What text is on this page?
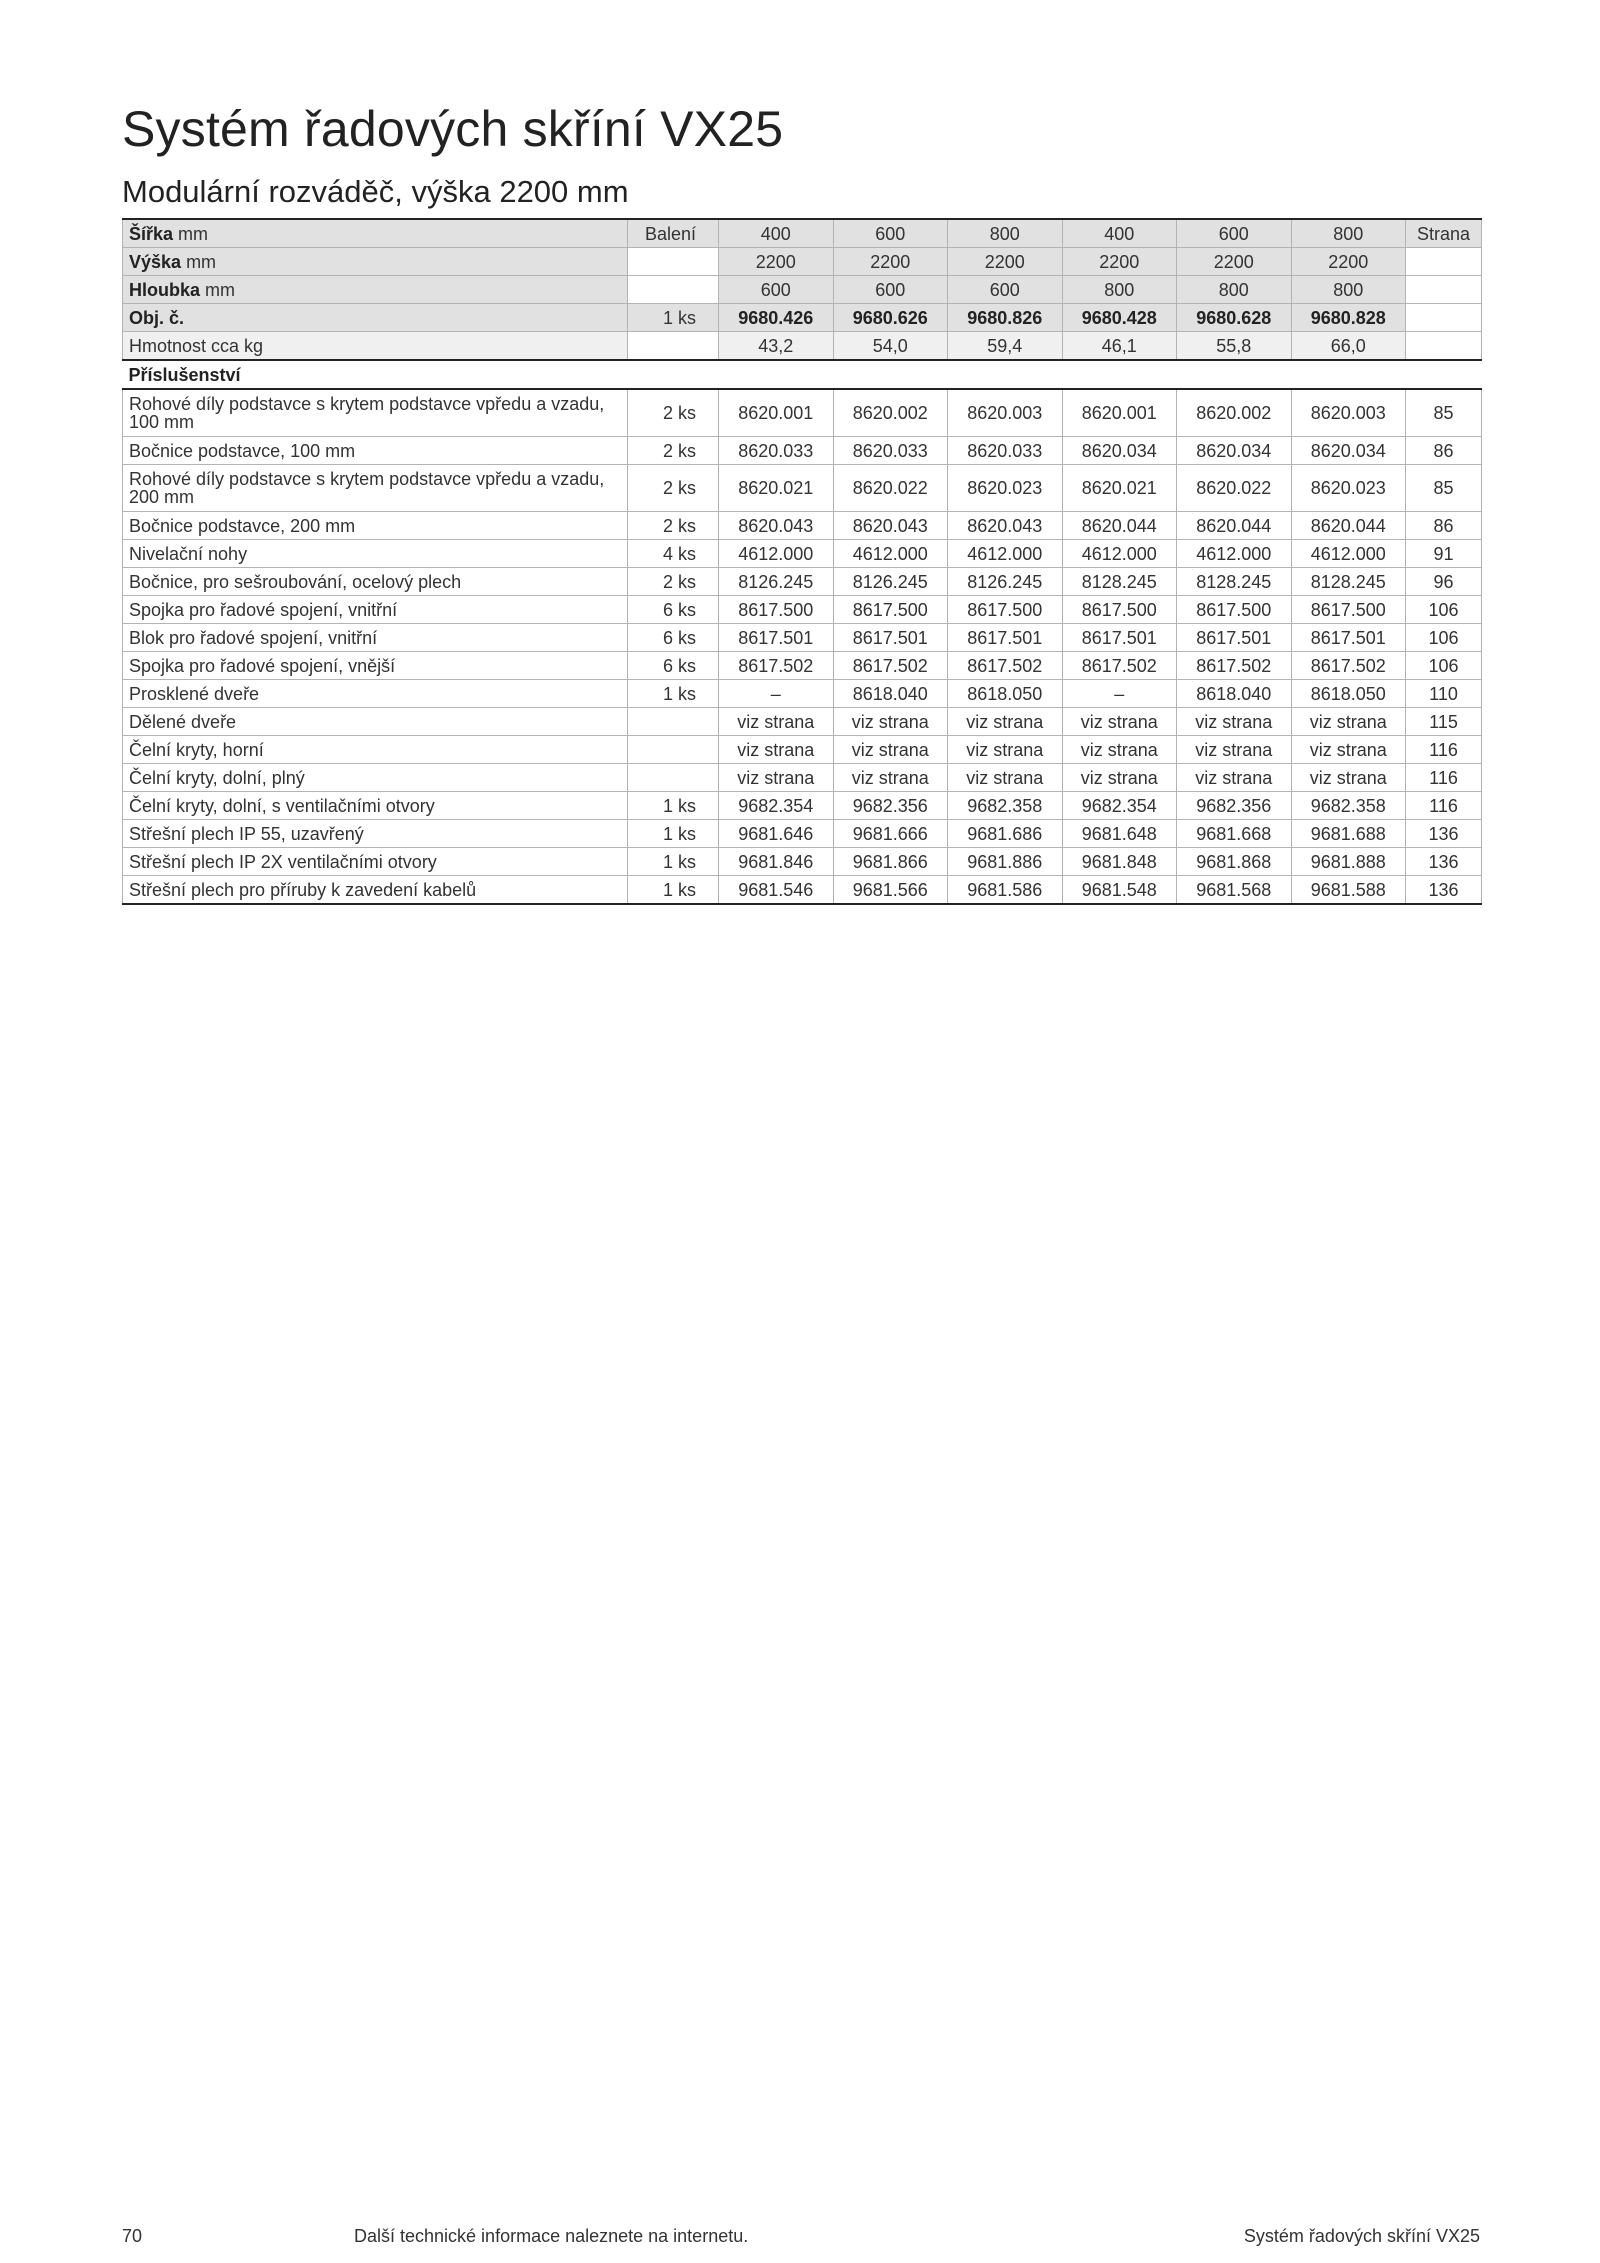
Systém řadových skříní VX25
Modulární rozváděč, výška 2200 mm
Šířka mm	Balení	400	600	800	400	600	800	Strana
Výška mm		2200	2200	2200	2200	2200	2200	
Hloubka mm		600	600	600	800	800	800	
Obj. č.	1 ks	9680.426	9680.626	9680.826	9680.428	9680.628	9680.828	
Hmotnost cca kg		43,2	54,0	59,4	46,1	55,8	66,0	
Příslušenství								
Rohové díly podstavce s krytem podstavce vpředu a vzadu, 100 mm	2 ks	8620.001	8620.002	8620.003	8620.001	8620.002	8620.003	85
Bočnice podstavce, 100 mm	2 ks	8620.033	8620.033	8620.033	8620.034	8620.034	8620.034	86
Rohové díly podstavce s krytem podstavce vpředu a vzadu, 200 mm	2 ks	8620.021	8620.022	8620.023	8620.021	8620.022	8620.023	85
Bočnice podstavce, 200 mm	2 ks	8620.043	8620.043	8620.043	8620.044	8620.044	8620.044	86
Nivelační nohy	4 ks	4612.000	4612.000	4612.000	4612.000	4612.000	4612.000	91
Bočnice, pro sešroubování, ocelový plech	2 ks	8126.245	8126.245	8126.245	8128.245	8128.245	8128.245	96
Spojka pro řadové spojení, vnitřní	6 ks	8617.500	8617.500	8617.500	8617.500	8617.500	8617.500	106
Blok pro řadové spojení, vnitřní	6 ks	8617.501	8617.501	8617.501	8617.501	8617.501	8617.501	106
Spojka pro řadové spojení, vnější	6 ks	8617.502	8617.502	8617.502	8617.502	8617.502	8617.502	106
Prosklené dveře	1 ks	–	8618.040	8618.050	–	8618.040	8618.050	110
Dělené dveře		viz strana	viz strana	viz strana	viz strana	viz strana	viz strana	115
Čelní kryty, horní		viz strana	viz strana	viz strana	viz strana	viz strana	viz strana	116
Čelní kryty, dolní, plný		viz strana	viz strana	viz strana	viz strana	viz strana	viz strana	116
Čelní kryty, dolní, s ventilačními otvory	1 ks	9682.354	9682.356	9682.358	9682.354	9682.356	9682.358	116
Střešní plech IP 55, uzavřený	1 ks	9681.646	9681.666	9681.686	9681.648	9681.668	9681.688	136
Střešní plech IP 2X ventilačními otvory	1 ks	9681.846	9681.866	9681.886	9681.848	9681.868	9681.888	136
Střešní plech pro příruby k zavedení kabelů	1 ks	9681.546	9681.566	9681.586	9681.548	9681.568	9681.588	136
70	Další technické informace naleznete na internetu.	Systém řadových skříní VX25
